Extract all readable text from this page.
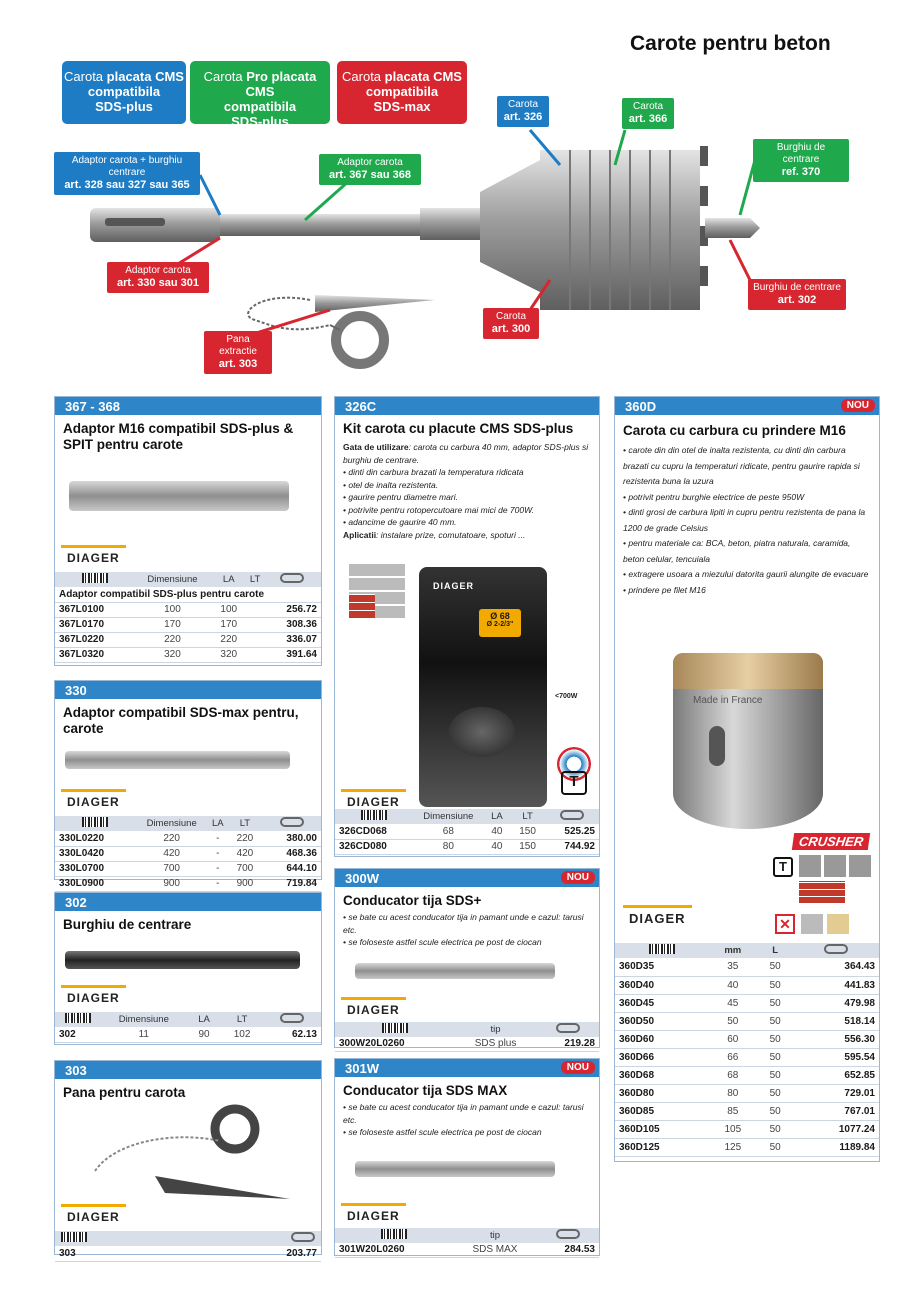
Carote pentru beton
Carota placata CMS
compatibila
SDS-plus
Carota Pro placata CMS
compatibila
SDS-plus
Carota placata CMS
compatibila
SDS-max	Carota
art. 326
Carota
art. 366
Burghiu de centrare
ref. 370
Adaptor carota + burghiu centrare
art. 328 sau 327 sau 365
Adaptor carota
art. 367 sau 368
Adaptor carota
art. 330 sau 301
Carota
art. 300
Burghiu de centrare
art. 302
Pana extractie
art. 303
367 - 368
Adaptor M16 compatibil SDS-plus & SPIT pentru carote
DIAGER
	Dimensiune	LA	LT	
Adaptor compatibil SDS-plus pentru carote				
367L0100	100	100		256.72
367L0170	170	170		308.36
367L0220	220	220		336.07
367L0320	320	320		391.64
330
Adaptor compatibil SDS-max pentru, carote
DIAGER
	Dimensiune	LA	LT	
330L0220	220	-	220	380.00
330L0420	420	-	420	468.36
330L0700	700	-	700	644.10
330L0900	900	-	900	719.84
302
Burghiu de centrare
DIAGER
	Dimensiune	LA	LT	
302	11	90	102	62.13
303
Pana pentru carota
DIAGER

303	203.77
326C
Kit carota cu placute CMS SDS-plus
Gata de utilizare: carota cu carbura 40 mm, adaptor SDS-plus si burghiu de centrare.
• dinti din carbura brazati la temperatura ridicata
• otel de inalta rezistenta.
• gaurire pentru diametre mari.
• potrivite pentru rotopercutoare mai mici de 700W.
• adancime de gaurire 40 mm.
Aplicatii: instalare prize, comutatoare, spoturi ...
DIAGER
Ø 68
Ø 2-2/3"
<700W
T
DIAGER
	Dimensiune	LA	LT	
326CD068	68	40	150	525.25
326CD080	80	40	150	744.92
300W	NOU
Conducator tija SDS+
• se bate cu acest conducator tija in pamant unde e cazul: tarusi etc.
• se foloseste astfel scule electrica pe post de ciocan
DIAGER
	tip	
300W20L0260	SDS plus	219.28
301W	NOU
Conducator tija SDS MAX
• se bate cu acest conducator tija in pamant unde e cazul: tarusi etc.
• se foloseste astfel scule electrica pe post de ciocan
DIAGER
	tip	
301W20L0260	SDS MAX	284.53
360D	NOU
Carota cu carbura cu prindere M16
• carote din din otel de inalta rezistenta, cu dinti din carbura brazati cu cupru la temperaturi ridicate, pentru gaurire rapida si rezistenta buna la uzura
• potrivit pentru burghie electrice de peste 950W
• dinti grosi de carbura lipiti in cupru pentru rezistenta de pana la 1200 de grade Celsius
• pentru materiale ca: BCA, beton, piatra naturala, caramida, beton celular, tencuiala
• extragere usoara a miezului datorita gaurii alungite de evacuare
• prindere pe filet M16
Made in France
CRUSHER
T
DIAGER	✕
	mm	L	
360D35	35	50	364.43
360D40	40	50	441.83
360D45	45	50	479.98
360D50	50	50	518.14
360D60	60	50	556.30
360D66	66	50	595.54
360D68	68	50	652.85
360D80	80	50	729.01
360D85	85	50	767.01
360D105	105	50	1077.24
360D125	125	50	1189.84
